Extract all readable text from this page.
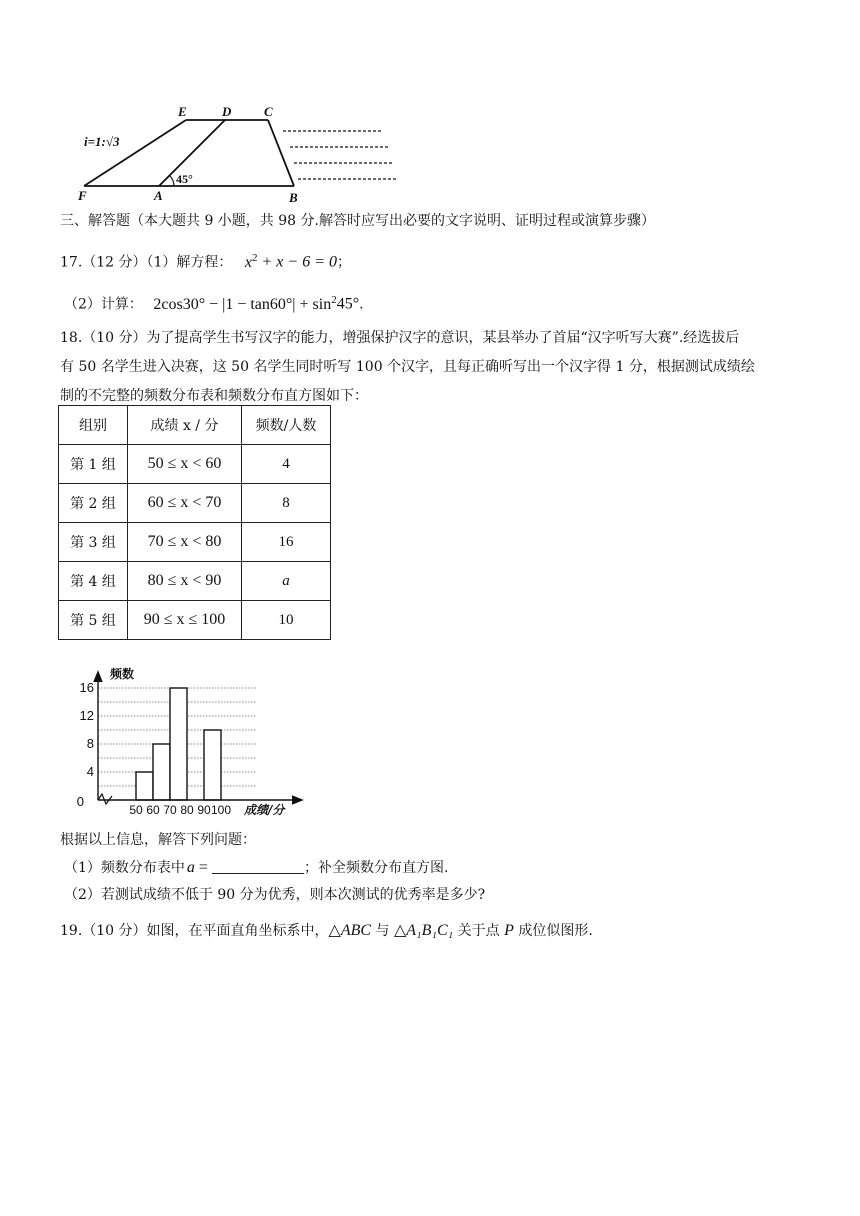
E	D	C
F	A	B
i=1:√3
45°
三、解答题（本大题共 9 小题，共 98 分.解答时应写出必要的文字说明、证明过程或演算步骤）
17.（12 分）（1）解方程： $x^2 + x - 6 = 0$；
（2）计算： $2\cos 30^\circ - |1 - \tan 60^\circ| + \sin^245^\circ$.
18.（10 分）为了提高学生书写汉字的能力，增强保护汉字的意识，某县举办了首届“汉字听写大赛”.经选拔后
有 50 名学生进入决赛，这 50 名学生同时听写 100 个汉字，且每正确听写出一个汉字得 1 分，根据测试成绩绘
制的不完整的频数分布表和频数分布直方图如下：
组别	成绩 x / 分	频数/人数
第 1 组	50 ≤ x < 60	4
第 2 组	60 ≤ x < 70	8
第 3 组	70 ≤ x < 80	16
第 4 组	80 ≤ x < 90	a
第 5 组	90 ≤ x ≤ 100	10
0
4
8
12
16
50 60 70 80 90 100
频数
成绩/分
根据以上信息，解答下列问题：
（1）频数分布表中 a =	；补全频数分布直方图.
（2）若测试成绩不低于 90 分为优秀，则本次测试的优秀率是多少?
19.（10 分）如图，在平面直角坐标系中，△ABC 与 △A₁B₁C₁ 关于点 P 成位似图形.
